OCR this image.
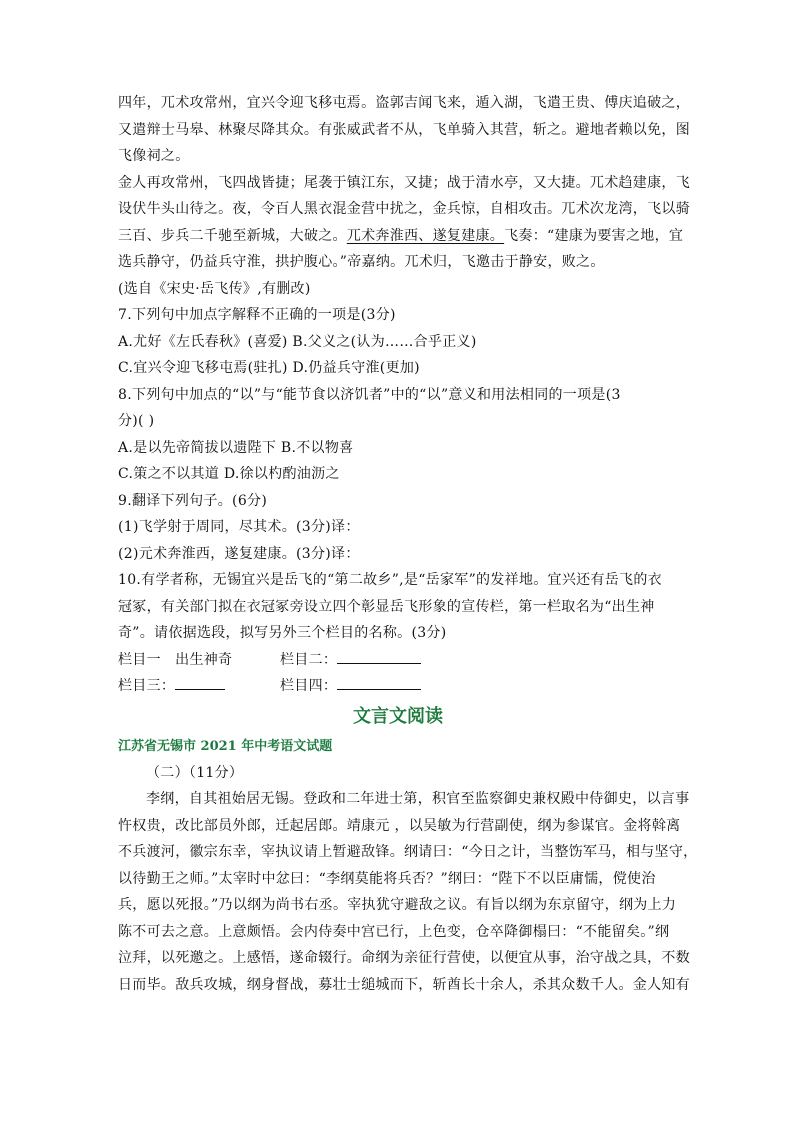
四年，兀术攻常州，宜兴令迎飞移屯焉。盗郭吉闻飞来，遁入湖，飞遣王贵、傅庆追破之，
又遣辩士马皋、林聚尽降其众。有张威武者不从，飞单骑入其营，斩之。避地者赖以免，图
飞像祠之。
金人再攻常州，飞四战皆捷；尾袭于镇江东，又捷；战于清水亭，又大捷。兀术趋建康，飞
设伏牛头山待之。夜，令百人黑衣混金营中扰之，金兵惊，自相攻击。兀术次龙湾，飞以骑
三百、步兵二千驰至新城，大破之。兀术奔淮西、遂复建康。飞奏：“建康为要害之地，宜
选兵静守，仍益兵守淮，拱护腹心。”帝嘉纳。兀术归，飞邀击于静安，败之。
(选自《宋史·岳飞传》,有删改)
7.下列句中加点字解释不正确的一项是(3分)
A.尤好《左氏春秋》(喜爱) B.父义之(认为……合乎正义)
C.宜兴令迎飞移屯焉(驻扎) D.仍益兵守淮(更加)
8.下列句中加点的“以”与“能节食以济饥者”中的“以”意义和用法相同的一项是(3
分)( )
A.是以先帝简拔以遗陛下 B.不以物喜
C.策之不以其道 D.徐以杓酌油沥之
9.翻译下列句子。(6分)
(1)飞学射于周同，尽其术。(3分)译：
(2)元术奔淮西，遂复建康。(3分)译：
10.有学者称，无锡宜兴是岳飞的“第二故乡”,是“岳家军”的发祥地。宜兴还有岳飞的衣
冠冢，有关部门拟在衣冠冢旁设立四个彰显岳飞形象的宣传栏，第一栏取名为“出生神
奇”。请依据选段，拟写另外三个栏目的名称。(3分)
栏目一 出生神奇	栏目二：
栏目三：	栏目四：
文言文阅读
江苏省无锡市 2021 年中考语文试题
（二）（11分）
李纲，自其祖始居无锡。登政和二年进士第，积官至监察御史兼权殿中侍御史，以言事
忤权贵，改比部员外郎，迁起居郎。靖康元 ，以吴敏为行营副使，纲为参谋官。金将斡离
不兵渡河，徽宗东幸，宰执议请上暂避敌锋。纲请曰：“今日之计，当整饬军马，相与坚守，
以待勤王之师。”太宰时中忿曰：“李纲莫能将兵否？”纲曰：“陛下不以臣庸懦，傥使治
兵，愿以死报。”乃以纲为尚书右丞。宰执犹守避敌之议。有旨以纲为东京留守，纲为上力
陈不可去之意。上意颇悟。会内侍奏中宫已行，上色变，仓卒降御榻曰：“不能留矣。”纲
泣拜，以死邀之。上感悟，遂命辍行。命纲为亲征行营使，以便宜从事，治守战之具，不数
日而毕。敌兵攻城，纲身督战，募壮士缒城而下，斩酋长十余人，杀其众数千人。金人知有
